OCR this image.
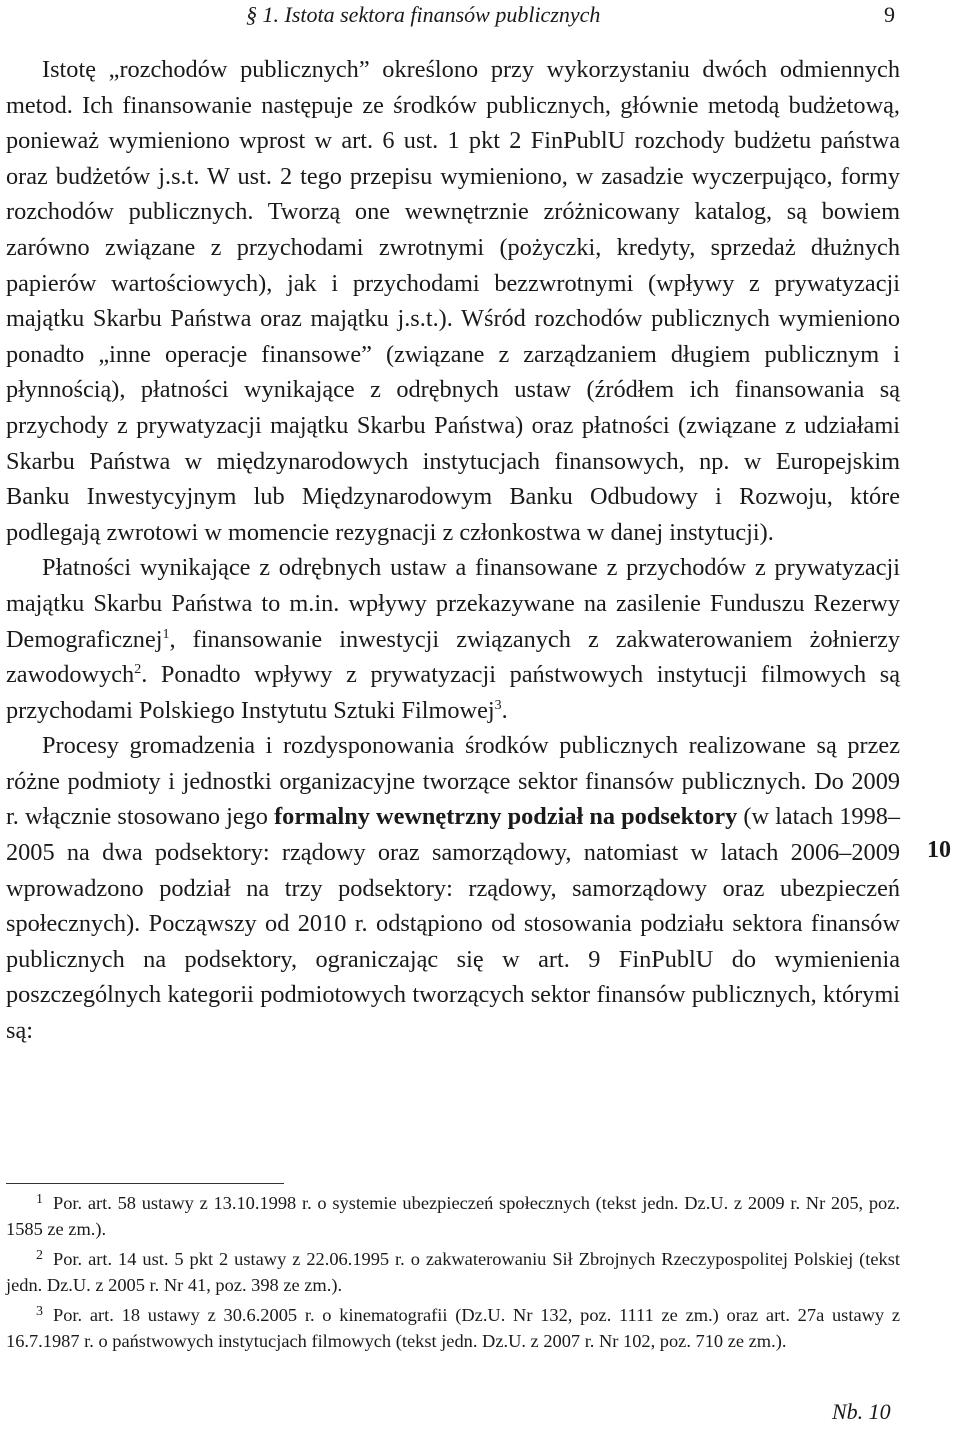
§ 1. Istota sektora finansów publicznych	9

Istotę „rozchodów publicznych” określono przy wykorzystaniu dwóch odmiennych metod. Ich finansowanie następuje ze środków publicznych, głównie metodą budżetową, ponieważ wymieniono wprost w art. 6 ust. 1 pkt 2 FinPublU rozchody budżetu państwa oraz budżetów j.s.t. W ust. 2 tego przepisu wymieniono, w zasadzie wyczerpująco, formy rozchodów publicznych. Tworzą one wewnętrznie zróżnicowany katalog, są bowiem zarówno związane z przychodami zwrotnymi (pożyczki, kredyty, sprzedaż dłużnych papierów wartościowych), jak i przychodami bezzwrotnymi (wpływy z prywatyzacji majątku Skarbu Państwa oraz majątku j.s.t.). Wśród rozchodów publicznych wymieniono ponadto „inne operacje finansowe” (związane z zarządzaniem długiem publicznym i płynnością), płatności wynikające z odrębnych ustaw (źródłem ich finansowania są przychody z prywatyzacji majątku Skarbu Państwa) oraz płatności (związane z udziałami Skarbu Państwa w międzynarodowych instytucjach finansowych, np. w Europejskim Banku Inwestycyjnym lub Międzynarodowym Banku Odbudowy i Rozwoju, które podlegają zwrotowi w momencie rezygnacji z członkostwa w danej instytucji).

Płatności wynikające z odrębnych ustaw a finansowane z przychodów z prywatyzacji majątku Skarbu Państwa to m.in. wpływy przekazywane na zasilenie Funduszu Rezerwy Demograficznej$^1$, finansowanie inwestycji związanych z zakwaterowaniem żołnierzy zawodowych$^2$. Ponadto wpływy z prywatyzacji państwowych instytucji filmowych są przychodami Polskiego Instytutu Sztuki Filmowej$^3$.

Procesy gromadzenia i rozdysponowania środków publicznych realizowane są przez różne podmioty i jednostki organizacyjne tworzące sektor finansów publicznych. Do 2009 r. włącznie stosowano jego formalny wewnętrzny podział na podsektory (w latach 1998–2005 na dwa podsektory: rządowy oraz samorządowy, natomiast w latach 2006–2009 wprowadzono podział na trzy podsektory: rządowy, samorządowy oraz ubezpieczeń społecznych). Począwszy od 2010 r. odstąpiono od stosowania podziału sektora finansów publicznych na podsektory, ograniczając się w art. 9 FinPublU do wymienienia poszczególnych kategorii podmiotowych tworzących sektor finansów publicznych, którymi są:

10

$^1$ Por. art. 58 ustawy z 13.10.1998 r. o systemie ubezpieczeń społecznych (tekst jedn. Dz.U. z 2009 r. Nr 205, poz. 1585 ze zm.).

$^2$ Por. art. 14 ust. 5 pkt 2 ustawy z 22.06.1995 r. o zakwaterowaniu Sił Zbrojnych Rzeczypospolitej Polskiej (tekst jedn. Dz.U. z 2005 r. Nr 41, poz. 398 ze zm.).

$^3$ Por. art. 18 ustawy z 30.6.2005 r. o kinematografii (Dz.U. Nr 132, poz. 1111 ze zm.) oraz art. 27a ustawy z 16.7.1987 r. o państwowych instytucjach filmowych (tekst jedn. Dz.U. z 2007 r. Nr 102, poz. 710 ze zm.).

Nb. 10
